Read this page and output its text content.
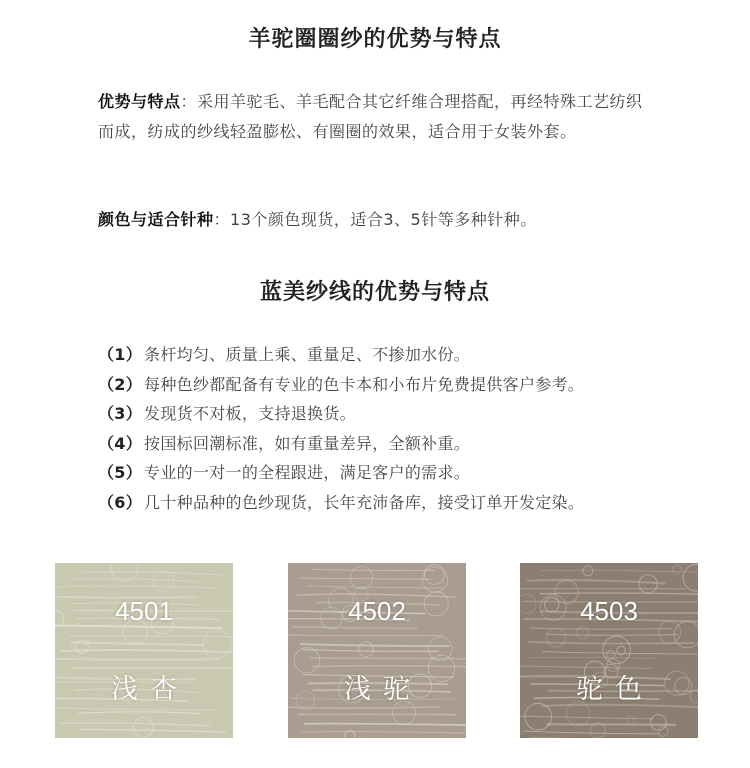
羊驼圈圈纱的优势与特点
优势与特点：采用羊驼毛、羊毛配合其它纤维合理搭配，再经特殊工艺纺织而成，纺成的纱线轻盈膨松、有圈圈的效果，适合用于女装外套。
颜色与适合针种：13个颜色现货，适合3、5针等多种针种。
蓝美纱线的优势与特点
（1） 条杆均匀、质量上乘、重量足、不掺加水份。
（2） 每种色纱都配备有专业的色卡本和小布片免费提供客户参考。
（3） 发现货不对板，支持退换货。
（4） 按国标回潮标准，如有重量差异，全额补重。
（5） 专业的一对一的全程跟进，满足客户的需求。
（6） 几十种品种的色纱现货，长年充沛备库，接受订单开发定染。
4501
浅杏
4502
浅驼
4503
驼色
